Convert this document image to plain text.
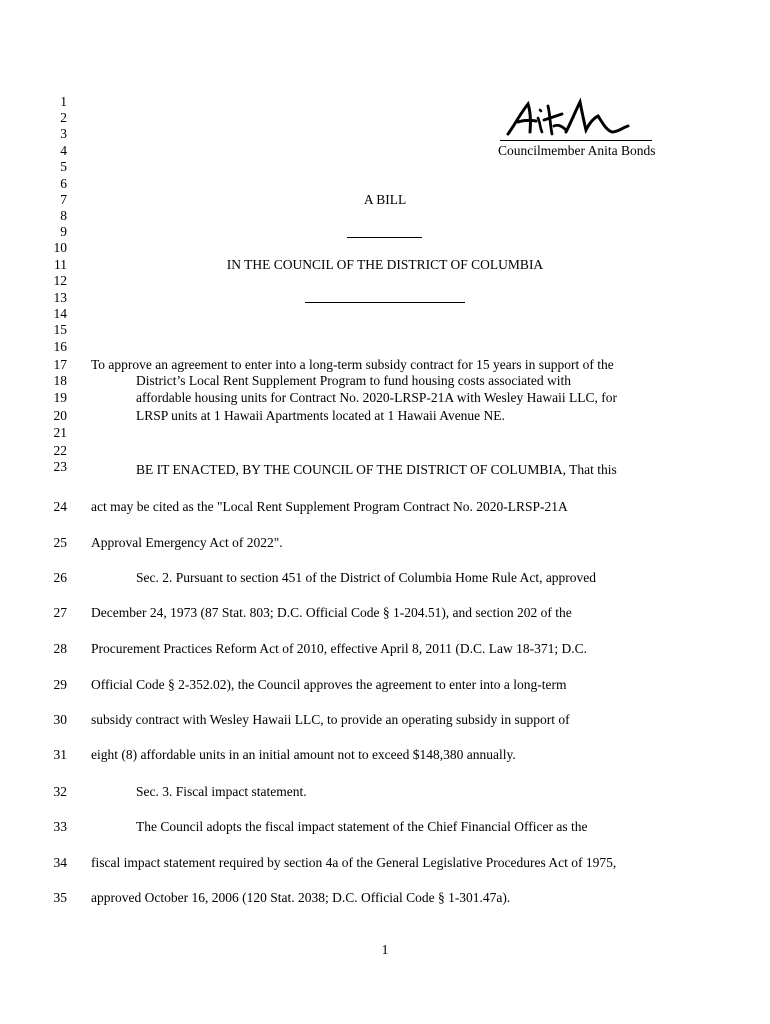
1
2
3
4
5
6
7
8
9
10
11
12
13
14
15
16
17
18
19
20
21
22
23
24
25
26
27
28
29
30
31
32
33
34
35
Councilmember Anita Bonds
A BILL
IN THE COUNCIL OF THE DISTRICT OF COLUMBIA
To approve an agreement to enter into a long-term subsidy contract for 15 years in support of the
District’s Local Rent Supplement Program to fund housing costs associated with
affordable housing units for Contract No. 2020-LRSP-21A with Wesley Hawaii LLC, for
LRSP units at 1 Hawaii Apartments located at 1 Hawaii Avenue NE.
BE IT ENACTED, BY THE COUNCIL OF THE DISTRICT OF COLUMBIA, That this
act may be cited as the "Local Rent Supplement Program Contract No. 2020-LRSP-21A
Approval Emergency Act of 2022".
Sec. 2. Pursuant to section 451 of the District of Columbia Home Rule Act, approved
December 24, 1973 (87 Stat. 803; D.C. Official Code § 1-204.51), and section 202 of the
Procurement Practices Reform Act of 2010, effective April 8, 2011 (D.C. Law 18-371; D.C.
Official Code § 2-352.02), the Council approves the agreement to enter into a long-term
subsidy contract with Wesley Hawaii LLC, to provide an operating subsidy in support of
eight (8) affordable units in an initial amount not to exceed $148,380 annually.
Sec. 3. Fiscal impact statement.
The Council adopts the fiscal impact statement of the Chief Financial Officer as the
fiscal impact statement required by section 4a of the General Legislative Procedures Act of 1975,
approved October 16, 2006 (120 Stat. 2038; D.C. Official Code § 1-301.47a).
1
